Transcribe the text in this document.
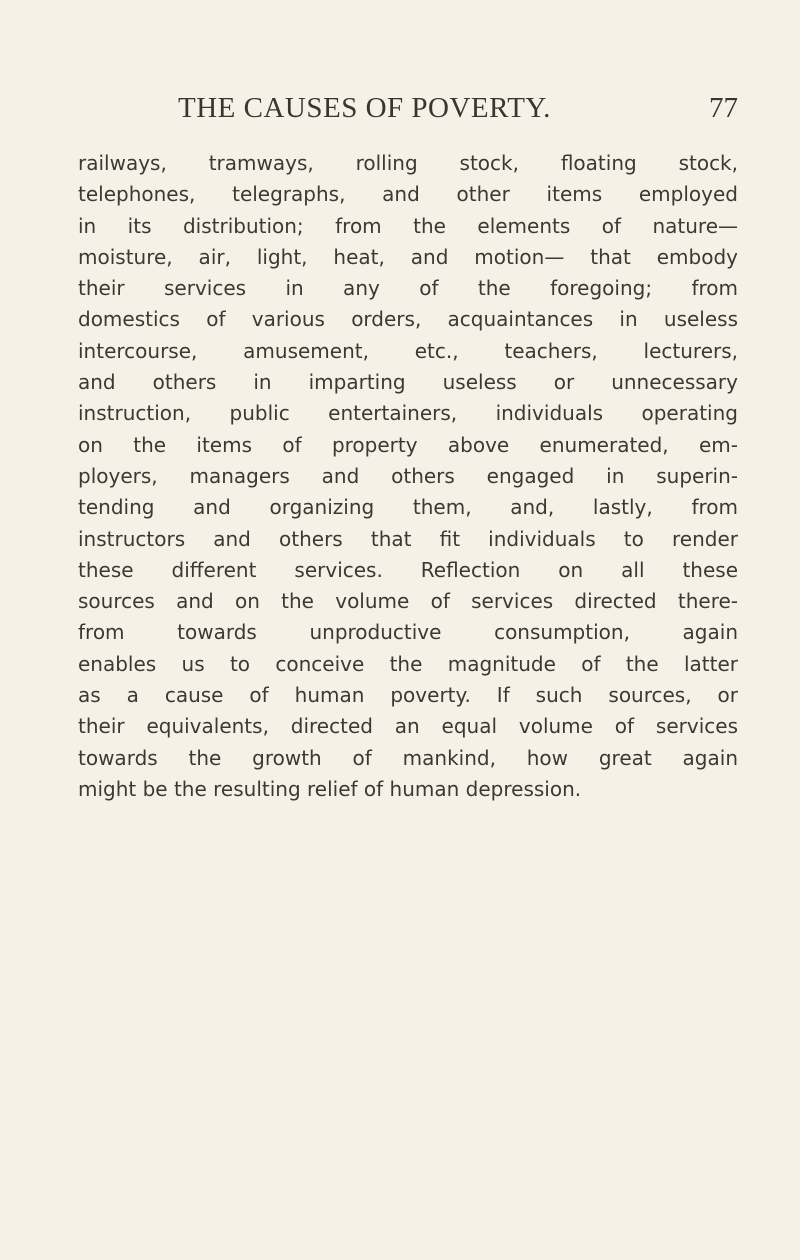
THE CAUSES OF POVERTY.	77

railways, tramways, rolling stock, floating stock,
telephones, telegraphs, and other items employed
in its distribution; from the elements of nature—
moisture, air, light, heat, and motion— that embody
their services in any of the foregoing; from
domestics of various orders, acquaintances in useless
intercourse, amusement, etc., teachers, lecturers,
and others in imparting useless or unnecessary
instruction, public entertainers, individuals operating
on the items of property above enumerated, em-
ployers, managers and others engaged in superin-
tending and organizing them, and, lastly, from
instructors and others that fit individuals to render
these different services. Reflection on all these
sources and on the volume of services directed there-
from towards unproductive consumption, again
enables us to conceive the magnitude of the latter
as a cause of human poverty. If such sources, or
their equivalents, directed an equal volume of services
towards the growth of mankind, how great again
might be the resulting relief of human depression.
